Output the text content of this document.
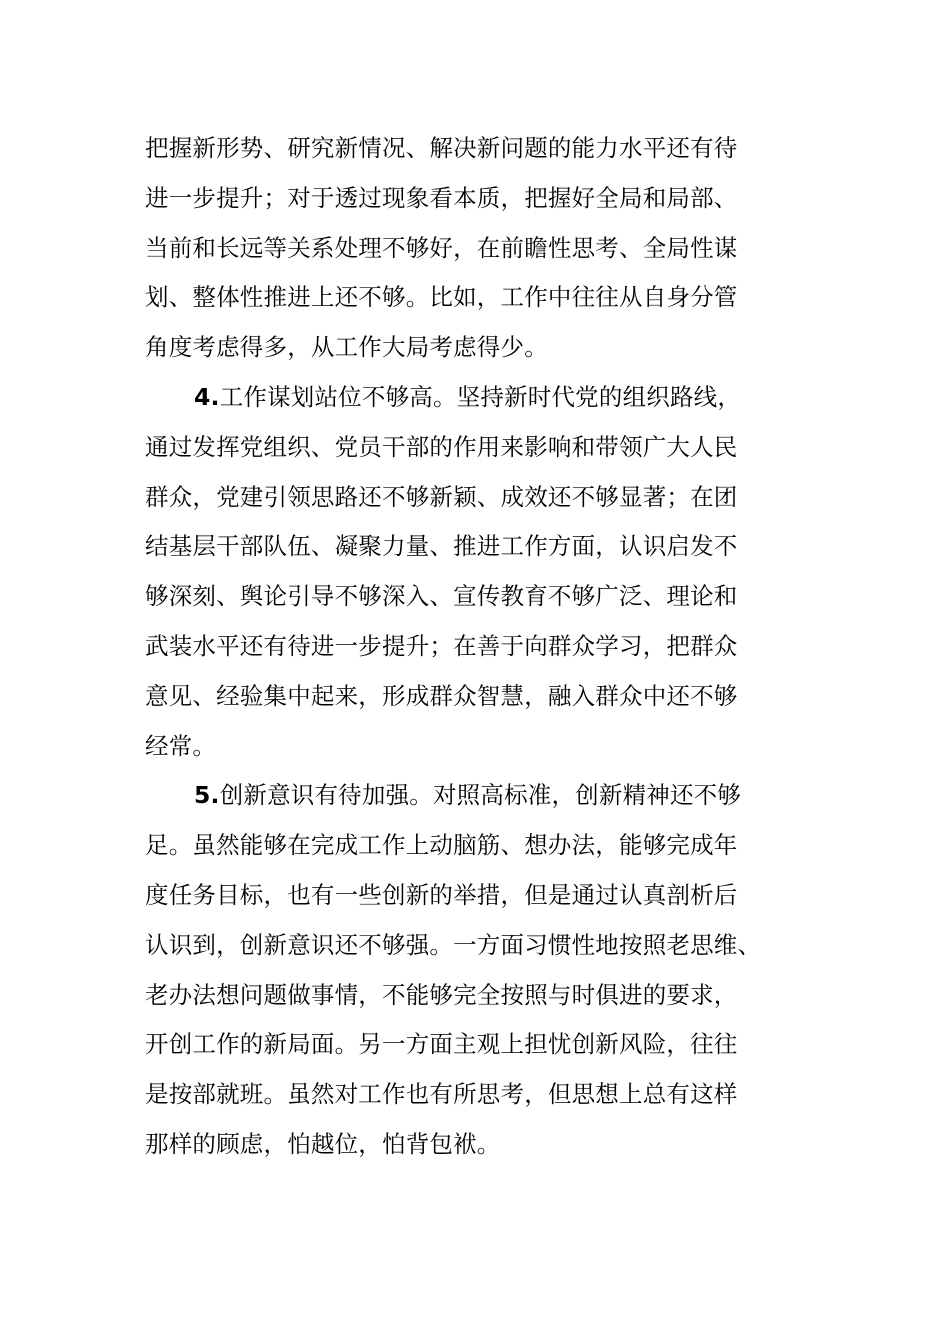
把握新形势、研究新情况、解决新问题的能力水平还有待
进一步提升；对于透过现象看本质，把握好全局和局部、
当前和长远等关系处理不够好，在前瞻性思考、全局性谋
划、整体性推进上还不够。比如，工作中往往从自身分管
角度考虑得多，从工作大局考虑得少。
4.工作谋划站位不够高。坚持新时代党的组织路线，
通过发挥党组织、党员干部的作用来影响和带领广大人民
群众，党建引领思路还不够新颖、成效还不够显著；在团
结基层干部队伍、凝聚力量、推进工作方面，认识启发不
够深刻、舆论引导不够深入、宣传教育不够广泛、理论和
武装水平还有待进一步提升；在善于向群众学习，把群众
意见、经验集中起来，形成群众智慧，融入群众中还不够
经常。
5.创新意识有待加强。对照高标准，创新精神还不够
足。虽然能够在完成工作上动脑筋、想办法，能够完成年
度任务目标，也有一些创新的举措，但是通过认真剖析后
认识到，创新意识还不够强。一方面习惯性地按照老思维、
老办法想问题做事情，不能够完全按照与时俱进的要求，
开创工作的新局面。另一方面主观上担忧创新风险，往往
是按部就班。虽然对工作也有所思考，但思想上总有这样
那样的顾虑，怕越位，怕背包袱。
